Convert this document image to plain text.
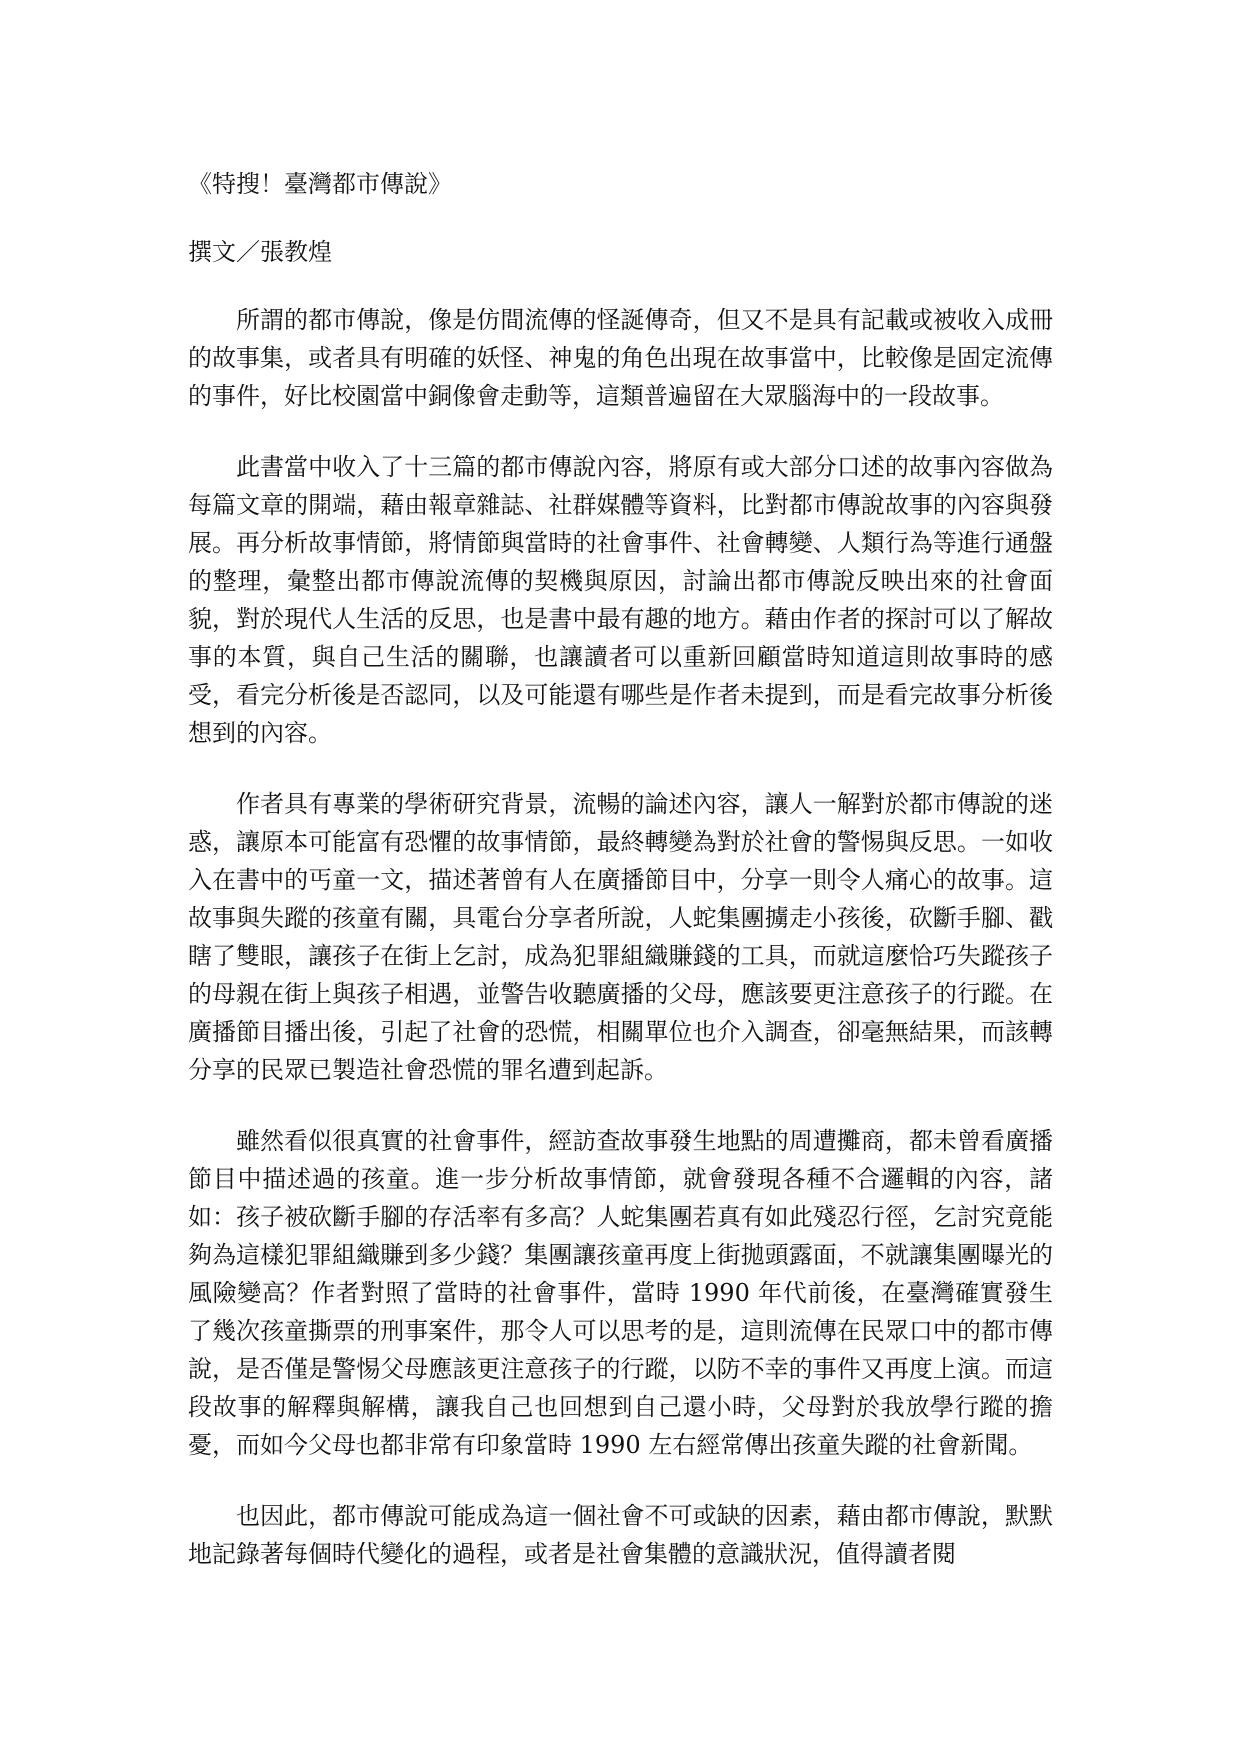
《特搜！臺灣都市傳說》
撰文／張教煌

所謂的都市傳說，像是仿間流傳的怪誕傳奇，但又不是具有記載或被收入成冊的故事集，或者具有明確的妖怪、神鬼的角色出現在故事當中，比較像是固定流傳的事件，好比校園當中銅像會走動等，這類普遍留在大眾腦海中的一段故事。

此書當中收入了十三篇的都市傳說內容，將原有或大部分口述的故事內容做為每篇文章的開端，藉由報章雜誌、社群媒體等資料，比對都市傳說故事的內容與發展。再分析故事情節，將情節與當時的社會事件、社會轉變、人類行為等進行通盤的整理，彙整出都市傳說流傳的契機與原因，討論出都市傳說反映出來的社會面貌，對於現代人生活的反思，也是書中最有趣的地方。藉由作者的探討可以了解故事的本質，與自己生活的關聯，也讓讀者可以重新回顧當時知道這則故事時的感受，看完分析後是否認同，以及可能還有哪些是作者未提到，而是看完故事分析後想到的內容。

作者具有專業的學術研究背景，流暢的論述內容，讓人一解對於都市傳說的迷惑，讓原本可能富有恐懼的故事情節，最終轉變為對於社會的警惕與反思。一如收入在書中的丐童一文，描述著曾有人在廣播節目中，分享一則令人痛心的故事。這故事與失蹤的孩童有關，具電台分享者所說，人蛇集團擄走小孩後，砍斷手腳、戳瞎了雙眼，讓孩子在街上乞討，成為犯罪組織賺錢的工具，而就這麼恰巧失蹤孩子的母親在街上與孩子相遇，並警告收聽廣播的父母，應該要更注意孩子的行蹤。在廣播節目播出後，引起了社會的恐慌，相關單位也介入調查，卻毫無結果，而該轉分享的民眾已製造社會恐慌的罪名遭到起訴。

雖然看似很真實的社會事件，經訪查故事發生地點的周遭攤商，都未曾看廣播節目中描述過的孩童。進一步分析故事情節，就會發現各種不合邏輯的內容，諸如：孩子被砍斷手腳的存活率有多高？人蛇集團若真有如此殘忍行徑，乞討究竟能夠為這樣犯罪組織賺到多少錢？集團讓孩童再度上街拋頭露面，不就讓集團曝光的風險變高？作者對照了當時的社會事件，當時 1990 年代前後，在臺灣確實發生了幾次孩童撕票的刑事案件，那令人可以思考的是，這則流傳在民眾口中的都市傳說，是否僅是警惕父母應該更注意孩子的行蹤，以防不幸的事件又再度上演。而這段故事的解釋與解構，讓我自己也回想到自己還小時，父母對於我放學行蹤的擔憂，而如今父母也都非常有印象當時 1990 左右經常傳出孩童失蹤的社會新聞。

也因此，都市傳說可能成為這一個社會不可或缺的因素，藉由都市傳說，默默地記錄著每個時代變化的過程，或者是社會集體的意識狀況，值得讀者閱
